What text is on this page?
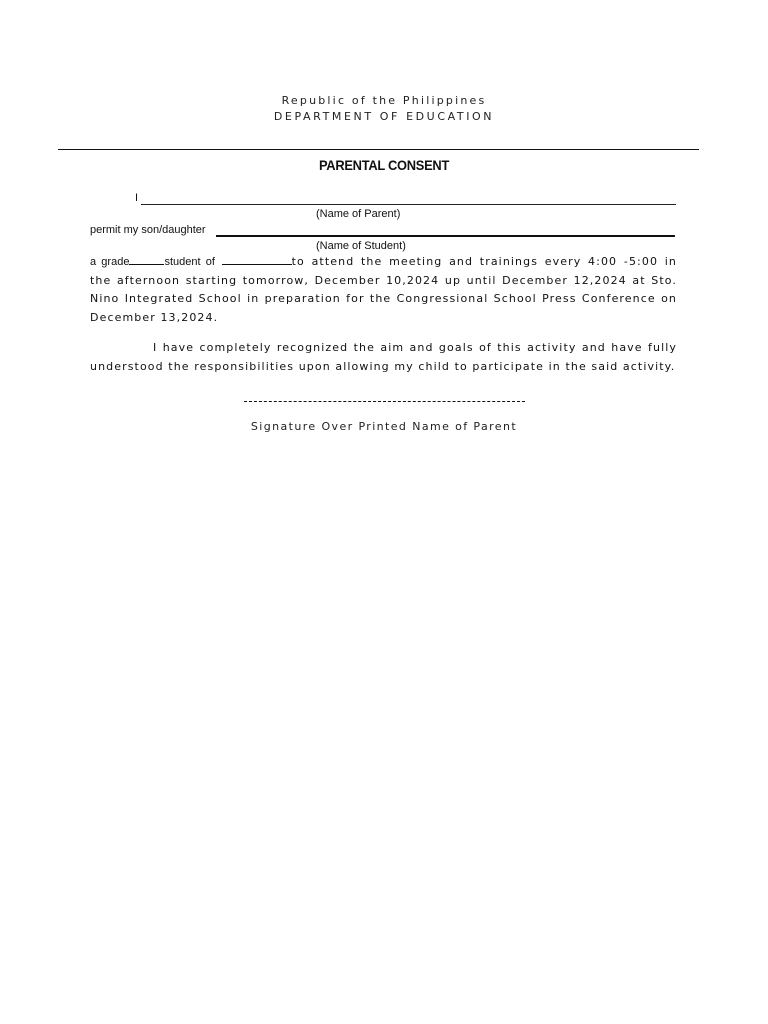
Republic of the Philippines
DEPARTMENT OF EDUCATION
PARENTAL CONSENT
I
(Name of Parent)
permit my son/daughter
(Name of Student)
a grade	student of	to attend the meeting and trainings every 4:00 -5:00 in the afternoon starting tomorrow, December 10,2024 up until December 12,2024 at Sto. Nino Integrated School in preparation for the Congressional School Press Conference on December 13,2024.
I have completely recognized the aim and goals of this activity and have fully understood the responsibilities upon allowing my child to participate in the said activity.
Signature Over Printed Name of Parent
